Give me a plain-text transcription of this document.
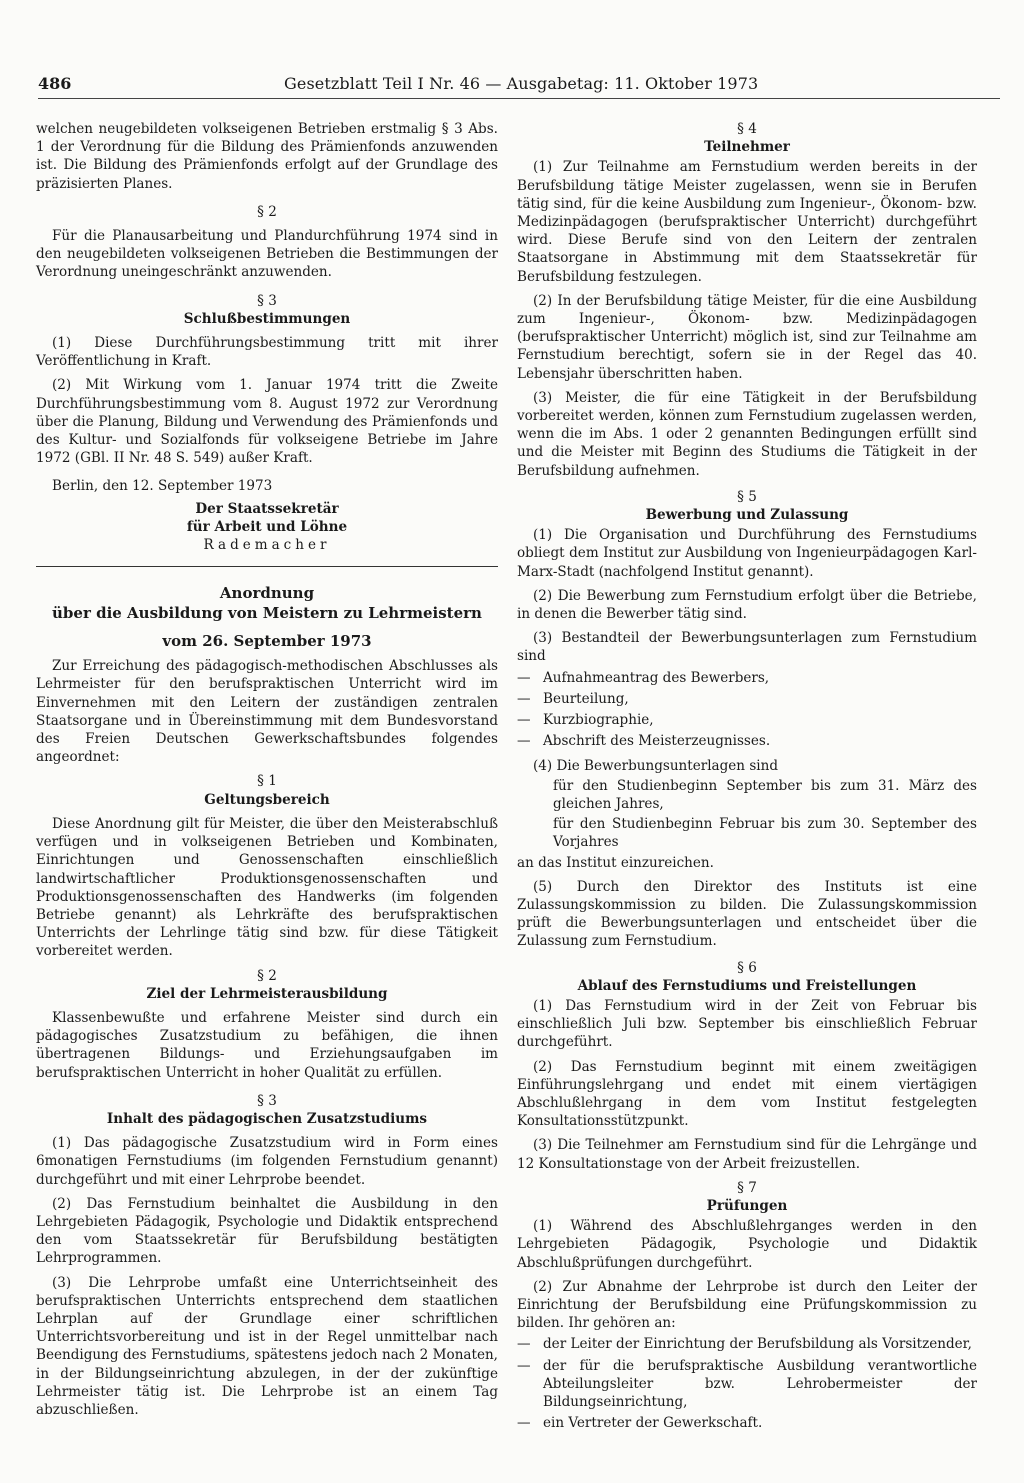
486	Gesetzblatt Teil I Nr. 46 — Ausgabetag: 11. Oktober 1973

welchen neugebildeten volkseigenen Betrieben erstmalig § 3 Abs. 1 der Verordnung für die Bildung des Prämienfonds anzuwenden ist. Die Bildung des Prämienfonds erfolgt auf der Grundlage des präzisierten Planes.

§ 2

Für die Planausarbeitung und Plandurchführung 1974 sind in den neugebildeten volkseigenen Betrieben die Bestimmungen der Verordnung uneingeschränkt anzuwenden.

§ 3
Schlußbestimmungen

(1) Diese Durchführungsbestimmung tritt mit ihrer Veröffentlichung in Kraft.

(2) Mit Wirkung vom 1. Januar 1974 tritt die Zweite Durchführungsbestimmung vom 8. August 1972 zur Verordnung über die Planung, Bildung und Verwendung des Prämienfonds und des Kultur- und Sozialfonds für volkseigene Betriebe im Jahre 1972 (GBl. II Nr. 48 S. 549) außer Kraft.

Berlin, den 12. September 1973

Der Staatssekretär
für Arbeit und Löhne
Rademacher
Anordnung
über die Ausbildung von Meistern zu Lehrmeistern
vom 26. September 1973

Zur Erreichung des pädagogisch-methodischen Abschlusses als Lehrmeister für den berufspraktischen Unterricht wird im Einvernehmen mit den Leitern der zuständigen zentralen Staatsorgane und in Übereinstimmung mit dem Bundesvorstand des Freien Deutschen Gewerkschaftsbundes folgendes angeordnet:

§ 1
Geltungsbereich

Diese Anordnung gilt für Meister, die über den Meisterabschluß verfügen und in volkseigenen Betrieben und Kombinaten, Einrichtungen und Genossenschaften einschließlich landwirtschaftlicher Produktionsgenossenschaften und Produktionsgenossenschaften des Handwerks (im folgenden Betriebe genannt) als Lehrkräfte des berufspraktischen Unterrichts der Lehrlinge tätig sind bzw. für diese Tätigkeit vorbereitet werden.

§ 2
Ziel der Lehrmeisterausbildung

Klassenbewußte und erfahrene Meister sind durch ein pädagogisches Zusatzstudium zu befähigen, die ihnen übertragenen Bildungs- und Erziehungsaufgaben im berufspraktischen Unterricht in hoher Qualität zu erfüllen.

§ 3
Inhalt des pädagogischen Zusatzstudiums

(1) Das pädagogische Zusatzstudium wird in Form eines 6monatigen Fernstudiums (im folgenden Fernstudium genannt) durchgeführt und mit einer Lehrprobe beendet.

(2) Das Fernstudium beinhaltet die Ausbildung in den Lehrgebieten Pädagogik, Psychologie und Didaktik entsprechend den vom Staatssekretär für Berufsbildung bestätigten Lehrprogrammen.

(3) Die Lehrprobe umfaßt eine Unterrichtseinheit des berufspraktischen Unterrichts entsprechend dem staatlichen Lehrplan auf der Grundlage einer schriftlichen Unterrichtsvorbereitung und ist in der Regel unmittelbar nach Beendigung des Fernstudiums, spätestens jedoch nach 2 Monaten, in der Bildungseinrichtung abzulegen, in der der zukünftige Lehrmeister tätig ist. Die Lehrprobe ist an einem Tag abzuschließen.

§ 4
Teilnehmer

(1) Zur Teilnahme am Fernstudium werden bereits in der Berufsbildung tätige Meister zugelassen, wenn sie in Berufen tätig sind, für die keine Ausbildung zum Ingenieur-, Ökonom- bzw. Medizinpädagogen (berufspraktischer Unterricht) durchgeführt wird. Diese Berufe sind von den Leitern der zentralen Staatsorgane in Abstimmung mit dem Staatssekretär für Berufsbildung festzulegen.

(2) In der Berufsbildung tätige Meister, für die eine Ausbildung zum Ingenieur-, Ökonom- bzw. Medizinpädagogen (berufspraktischer Unterricht) möglich ist, sind zur Teilnahme am Fernstudium berechtigt, sofern sie in der Regel das 40. Lebensjahr überschritten haben.

(3) Meister, die für eine Tätigkeit in der Berufsbildung vorbereitet werden, können zum Fernstudium zugelassen werden, wenn die im Abs. 1 oder 2 genannten Bedingungen erfüllt sind und die Meister mit Beginn des Studiums die Tätigkeit in der Berufsbildung aufnehmen.

§ 5
Bewerbung und Zulassung

(1) Die Organisation und Durchführung des Fernstudiums obliegt dem Institut zur Ausbildung von Ingenieurpädagogen Karl-Marx-Stadt (nachfolgend Institut genannt).

(2) Die Bewerbung zum Fernstudium erfolgt über die Betriebe, in denen die Bewerber tätig sind.

(3) Bestandteil der Bewerbungsunterlagen zum Fernstudium sind

— Aufnahmeantrag des Bewerbers,
— Beurteilung,
— Kurzbiographie,
— Abschrift des Meisterzeugnisses.

(4) Die Bewerbungsunterlagen sind

für den Studienbeginn September bis zum 31. März des gleichen Jahres,
für den Studienbeginn Februar bis zum 30. September des Vorjahres

an das Institut einzureichen.

(5) Durch den Direktor des Instituts ist eine Zulassungskommission zu bilden. Die Zulassungskommission prüft die Bewerbungsunterlagen und entscheidet über die Zulassung zum Fernstudium.

§ 6
Ablauf des Fernstudiums und Freistellungen

(1) Das Fernstudium wird in der Zeit von Februar bis einschließlich Juli bzw. September bis einschließlich Februar durchgeführt.

(2) Das Fernstudium beginnt mit einem zweitägigen Einführungslehrgang und endet mit einem viertägigen Abschlußlehrgang in dem vom Institut festgelegten Konsultationsstützpunkt.

(3) Die Teilnehmer am Fernstudium sind für die Lehrgänge und 12 Konsultationstage von der Arbeit freizustellen.

§ 7
Prüfungen

(1) Während des Abschlußlehrganges werden in den Lehrgebieten Pädagogik, Psychologie und Didaktik Abschlußprüfungen durchgeführt.

(2) Zur Abnahme der Lehrprobe ist durch den Leiter der Einrichtung der Berufsbildung eine Prüfungskommission zu bilden. Ihr gehören an:

— der Leiter der Einrichtung der Berufsbildung als Vorsitzender,
— der für die berufspraktische Ausbildung verantwortliche Abteilungsleiter bzw. Lehrobermeister der Bildungseinrichtung,
— ein Vertreter der Gewerkschaft.
